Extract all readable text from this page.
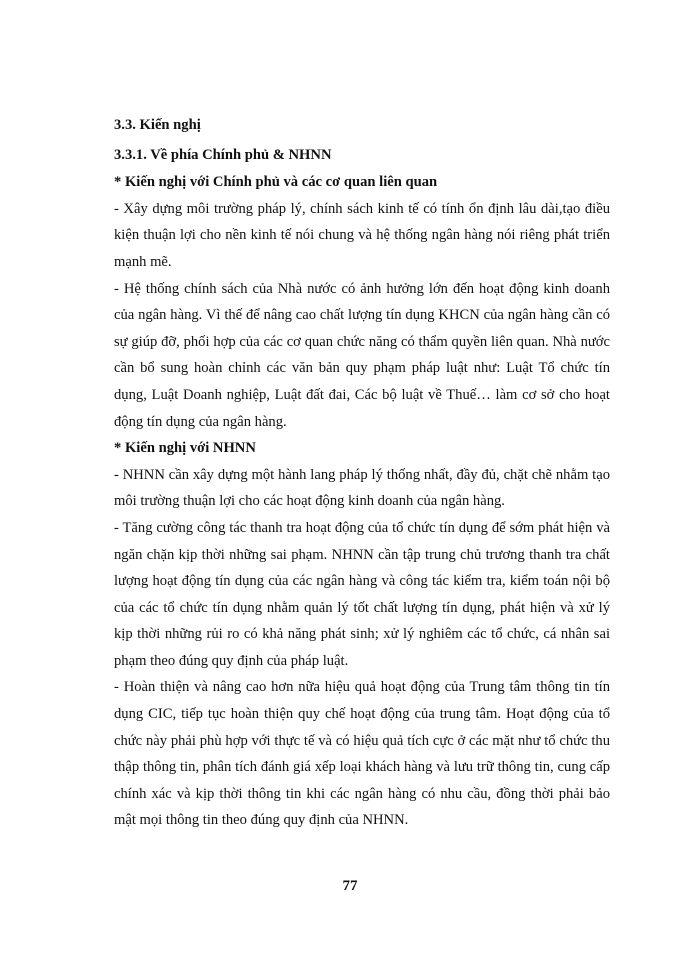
3.3. Kiến nghị

3.3.1. Về phía Chính phủ & NHNN

* Kiến nghị với Chính phủ và các cơ quan liên quan

- Xây dựng môi trường pháp lý, chính sách kinh tế có tính ổn định lâu dài,tạo điều kiện thuận lợi cho nền kinh tế nói chung và hệ thống ngân hàng nói riêng phát triển mạnh mẽ.

- Hệ thống chính sách của Nhà nước có ảnh hưởng lớn đến hoạt động kinh doanh của ngân hàng. Vì thế để nâng cao chất lượng tín dụng KHCN của ngân hàng cần có sự giúp đỡ, phối hợp của các cơ quan chức năng có thẩm quyền liên quan. Nhà nước cần bổ sung hoàn chỉnh các văn bản quy phạm pháp luật như: Luật Tổ chức tín dụng, Luật Doanh nghiệp, Luật đất đai, Các bộ luật về Thuế… làm cơ sở cho hoạt động tín dụng của ngân hàng.

* Kiến nghị với NHNN

- NHNN cần xây dựng một hành lang pháp lý thống nhất, đầy đủ, chặt chẽ nhằm tạo môi trường thuận lợi cho các hoạt động kinh doanh của ngân hàng.

- Tăng cường công tác thanh tra hoạt động của tổ chức tín dụng để sớm phát hiện và ngăn chặn kịp thời những sai phạm. NHNN cần tập trung chủ trương thanh tra chất lượng hoạt động tín dụng của các ngân hàng và công tác kiểm tra, kiểm toán nội bộ của các tổ chức tín dụng nhằm quản lý tốt chất lượng tín dụng, phát hiện và xử lý kịp thời những rủi ro có khả năng phát sinh; xử lý nghiêm các tổ chức, cá nhân sai phạm theo đúng quy định của pháp luật.

- Hoàn thiện và nâng cao hơn nữa hiệu quả hoạt động của Trung tâm thông tin tín dụng CIC, tiếp tục hoàn thiện quy chế hoạt động của trung tâm. Hoạt động của tổ chức này phải phù hợp với thực tế và có hiệu quả tích cực ở các mặt như tổ chức thu thập thông tin, phân tích đánh giá xếp loại khách hàng và lưu trữ thông tin, cung cấp chính xác và kịp thời thông tin khi các ngân hàng có nhu cầu, đồng thời phải bảo mật mọi thông tin theo đúng quy định của NHNN.

77
